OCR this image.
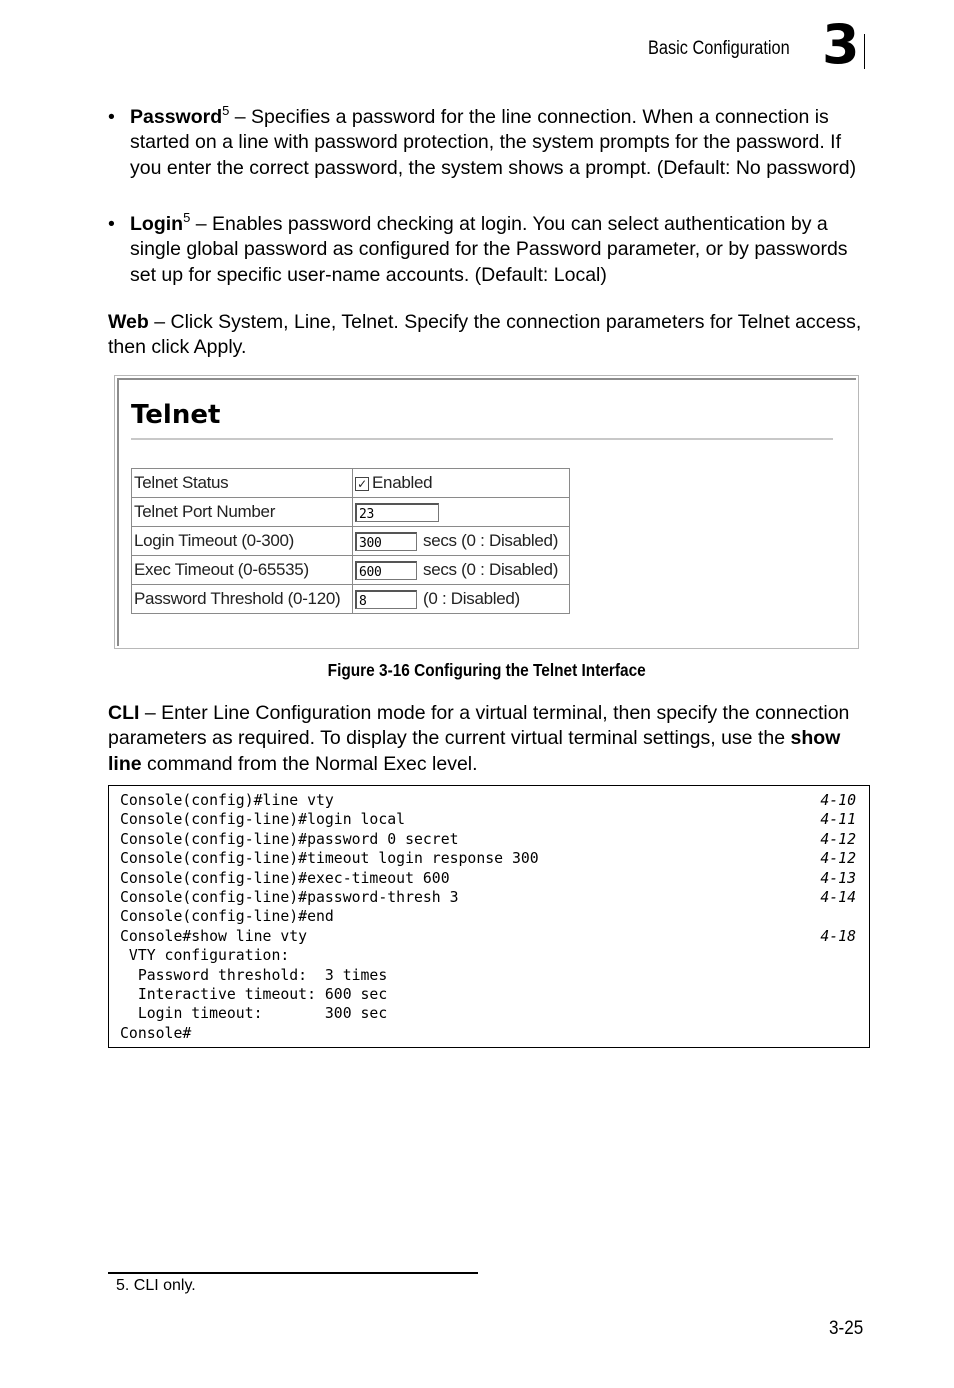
Basic Configuration 3
• Password$^5$ – Specifies a password for the line connection. When a connection is started on a line with password protection, the system prompts for the password. If you enter the correct password, the system shows a prompt. (Default: No password)
• Login$^5$ – Enables password checking at login. You can select authentication by a single global password as configured for the Password parameter, or by passwords set up for specific user-name accounts. (Default: Local)
Web – Click System, Line, Telnet. Specify the connection parameters for Telnet access, then click Apply.
Telnet
Telnet Status	✓ Enabled
Telnet Port Number	23
Login Timeout (0-300)	300 secs (0 : Disabled)
Exec Timeout (0-65535)	600 secs (0 : Disabled)
Password Threshold (0-120)	8 (0 : Disabled)
Figure 3-16 Configuring the Telnet Interface
CLI – Enter Line Configuration mode for a virtual terminal, then specify the connection parameters as required. To display the current virtual terminal settings, use the show line command from the Normal Exec level.
Console(config)#line vty	4-10
Console(config-line)#login local	4-11
Console(config-line)#password 0 secret	4-12
Console(config-line)#timeout login response 300	4-12
Console(config-line)#exec-timeout 600	4-13
Console(config-line)#password-thresh 3	4-14
Console(config-line)#end
Console#show line vty	4-18
VTY configuration:
Password threshold:  3 times
Interactive timeout: 600 sec
Login timeout:       300 sec
Console#
5. CLI only.
3-25
